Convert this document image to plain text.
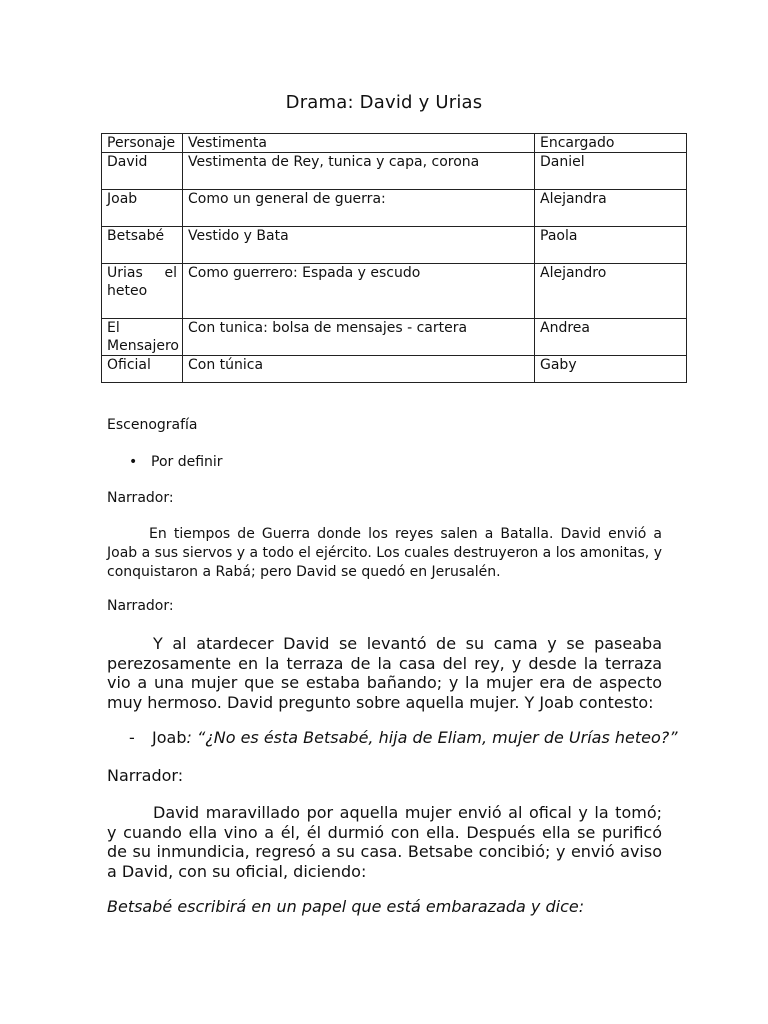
Drama: David y Urias
Personaje	Vestimenta	Encargado
David	Vestimenta de Rey, tunica y capa, corona	Daniel
Joab	Como un general de guerra:	Alejandra
Betsabé	Vestido y Bata	Paola
Urias el heteo	Como guerrero: Espada y escudo	Alejandro
El Mensajero	Con tunica: bolsa de mensajes - cartera	Andrea
Oficial	Con túnica	Gaby
Escenografía
• Por definir
Narrador:
En tiempos de Guerra donde los reyes salen a Batalla. David envió a Joab a sus siervos y a todo el ejército. Los cuales destruyeron a los amonitas, y conquistaron a Rabá; pero David se quedó en Jerusalén.
Narrador:
Y al atardecer David se levantó de su cama y se paseaba perezosamente en la terraza de la casa del rey, y desde la terraza vio a una mujer que se estaba bañando; y la mujer era de aspecto muy hermoso. David pregunto sobre aquella mujer. Y Joab contesto:
- Joab: “¿No es ésta Betsabé, hija de Eliam, mujer de Urías heteo?”
Narrador:
David maravillado por aquella mujer envió al ofical y la tomó; y cuando ella vino a él, él durmió con ella. Después ella se purificó de su inmundicia, regresó a su casa. Betsabe concibió; y envió aviso a David, con su oficial, diciendo:
Betsabé escribirá en un papel que está embarazada y dice:
